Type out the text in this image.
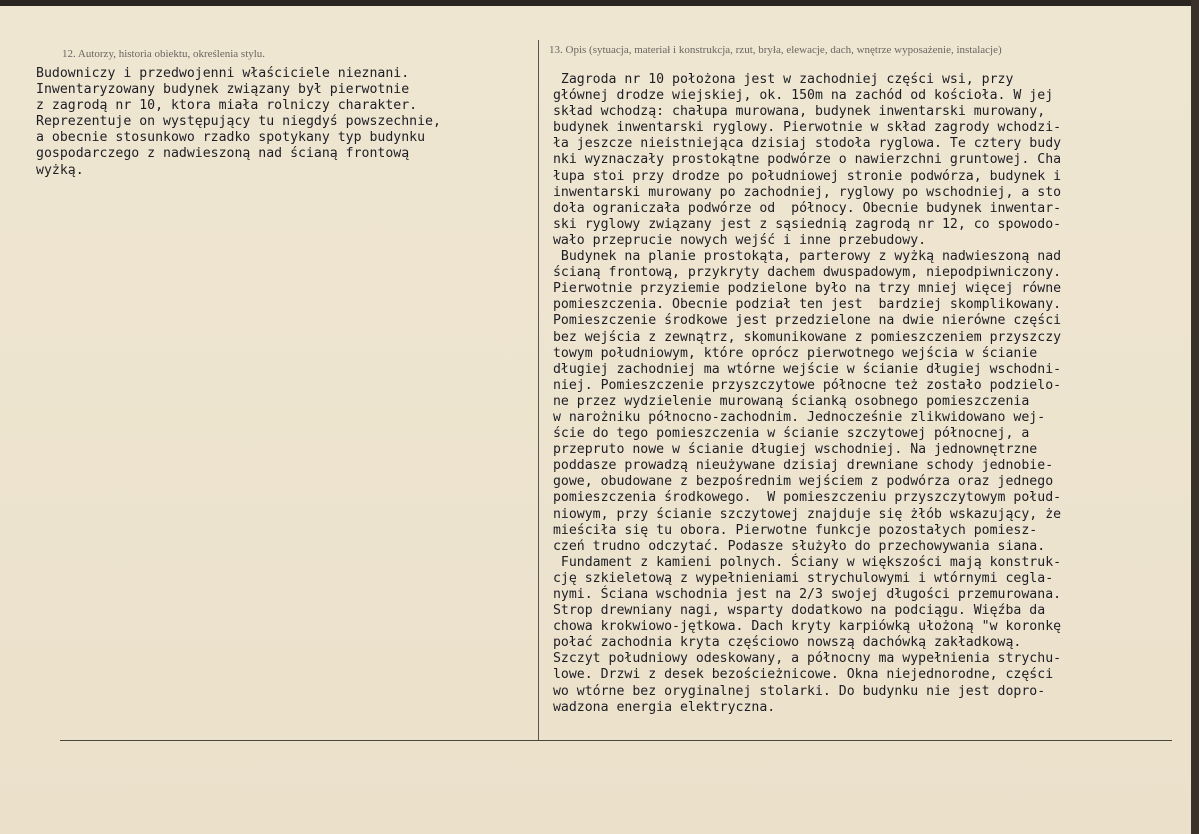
12. Autorzy, historia obiektu, określenia stylu.	13. Opis (sytuacja, materiał i konstrukcja, rzut, bryła, elewacje, dach, wnętrze wyposażenie, instalacje)
Budowniczy i przedwojenni właściciele nieznani.
Inwentaryzowany budynek związany był pierwotnie
z zagrodą nr 10, ktora miała rolniczy charakter.
Reprezentuje on występujący tu niegdyś powszechnie,
a obecnie stosunkowo rzadko spotykany typ budynku
gospodarczego z nadwieszoną nad ścianą frontową
wyżką.
Zagroda nr 10 położona jest w zachodniej części wsi, przy
głównej drodze wiejskiej, ok. 150m na zachód od kościoła. W jej
skład wchodzą: chałupa murowana, budynek inwentarski murowany,
budynek inwentarski ryglowy. Pierwotnie w skład zagrody wchodzi-
ła jeszcze nieistniejąca dzisiaj stodoła ryglowa. Te cztery budy
nki wyznaczały prostokątne podwórze o nawierzchni gruntowej. Cha
łupa stoi przy drodze po południowej stronie podwórza, budynek i
inwentarski murowany po zachodniej, ryglowy po wschodniej, a sto
doła ograniczała podwórze od  północy. Obecnie budynek inwentar-
ski ryglowy związany jest z sąsiednią zagrodą nr 12, co spowodo-
wało przeprucie nowych wejść i inne przebudowy.
Budynek na planie prostokąta, parterowy z wyżką nadwieszoną nad
ścianą frontową, przykryty dachem dwuspadowym, niepodpiwniczony.
Pierwotnie przyziemie podzielone było na trzy mniej więcej równe
pomieszczenia. Obecnie podział ten jest  bardziej skomplikowany.
Pomieszczenie środkowe jest przedzielone na dwie nierówne części
bez wejścia z zewnątrz, skomunikowane z pomieszczeniem przyszczy
towym południowym, które oprócz pierwotnego wejścia w ścianie
długiej zachodniej ma wtórne wejście w ścianie długiej wschodni-
niej. Pomieszczenie przyszczytowe północne też zostało podzielo-
ne przez wydzielenie murowaną ścianką osobnego pomieszczenia
w narożniku północno-zachodnim. Jednocześnie zlikwidowano wej-
ście do tego pomieszczenia w ścianie szczytowej północnej, a
przepruto nowe w ścianie długiej wschodniej. Na jednownętrzne
poddasze prowadzą nieużywane dzisiaj drewniane schody jednobie-
gowe, obudowane z bezpośrednim wejściem z podwórza oraz jednego
pomieszczenia środkowego.  W pomieszczeniu przyszczytowym połud-
niowym, przy ścianie szczytowej znajduje się żłób wskazujący, że
mieściła się tu obora. Pierwotne funkcje pozostałych pomiesz-
czeń trudno odczytać. Podasze służyło do przechowywania siana.
Fundament z kamieni polnych. Ściany w większości mają konstruk-
cję szkieletową z wypełnieniami strychulowymi i wtórnymi cegla-
nymi. Ściana wschodnia jest na 2/3 swojej długości przemurowana.
Strop drewniany nagi, wsparty dodatkowo na podciągu. Więźba da
chowa krokwiowo-jętkowa. Dach kryty karpiówką ułożoną "w koronkę
połać zachodnia kryta częściowo nowszą dachówką zakładkową.
Szczyt południowy odeskowany, a północny ma wypełnienia strychu-
lowe. Drzwi z desek bezościeżnicowe. Okna niejednorodne, części
wo wtórne bez oryginalnej stolarki. Do budynku nie jest dopro-
wadzona energia elektryczna.
